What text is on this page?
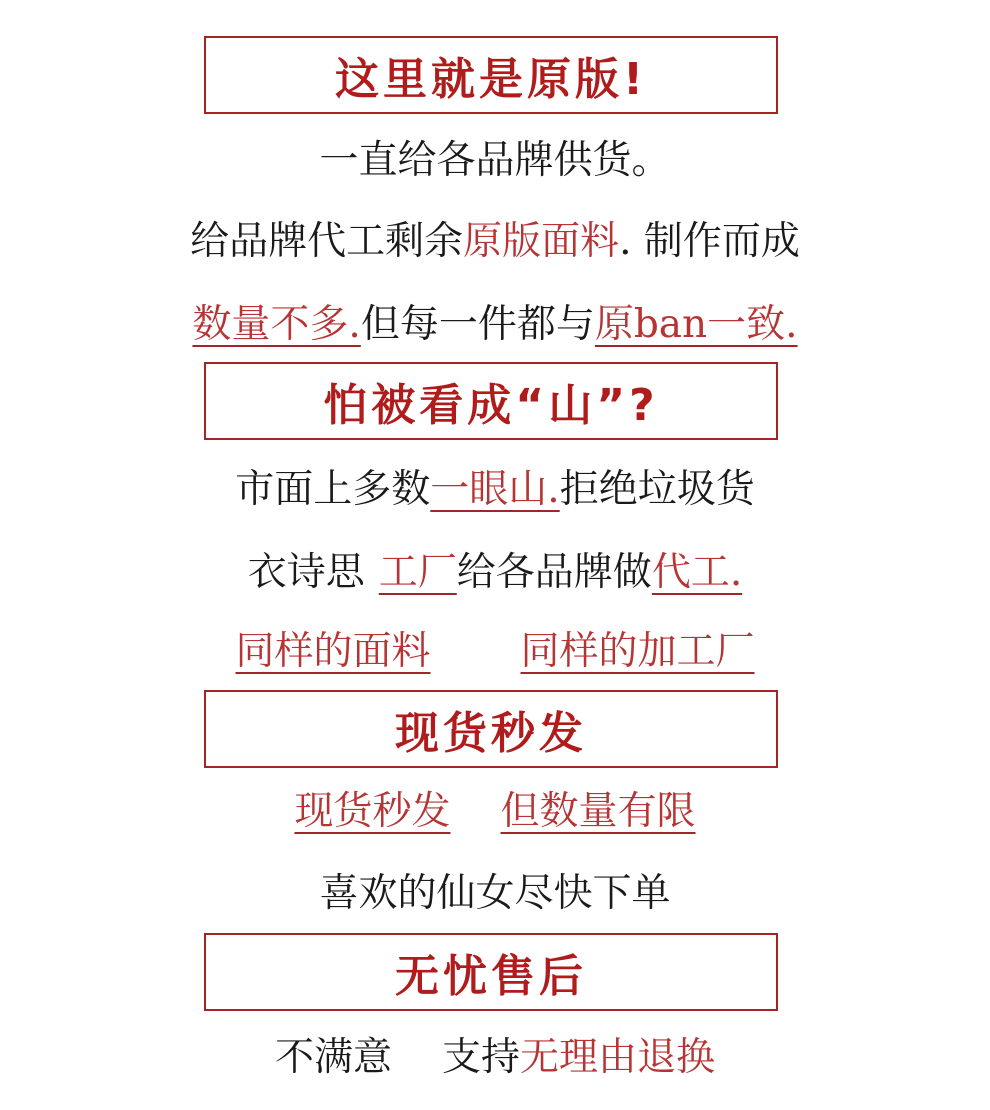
这里就是原版!
一直给各品牌供货。
给品牌代工剩余原版面料. 制作而成
数量不多.但每一件都与原ban一致.
怕被看成“山”?
市面上多数一眼山.拒绝垃圾货
衣诗思 工厂给各品牌做代工.
同样的面料 同样的加工厂
现货秒发
现货秒发 但数量有限
喜欢的仙女尽快下单
无忧售后
不满意 支持无理由退换
